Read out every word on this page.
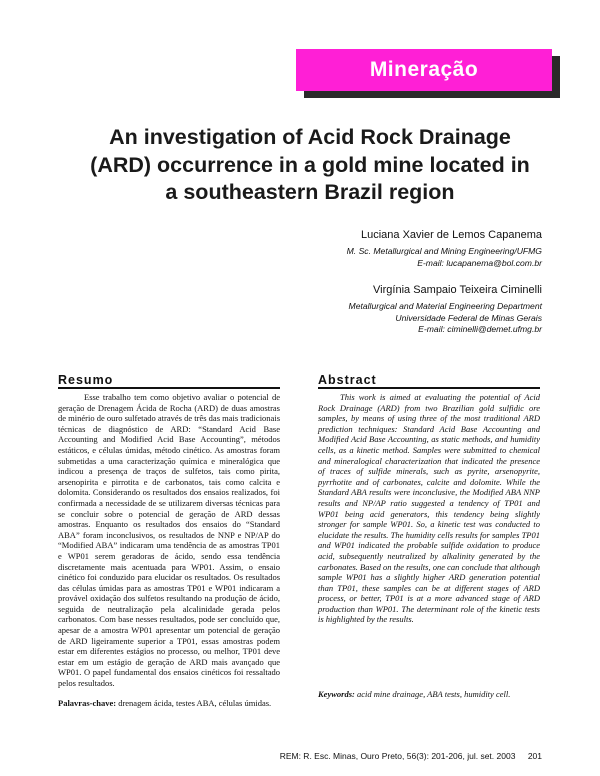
Mineração
An investigation of Acid Rock Drainage
(ARD) occurrence in a gold mine located in
a southeastern Brazil region
Luciana Xavier de Lemos Capanema
M. Sc. Metallurgical and Mining Engineering/UFMG
E-mail: lucapanema@bol.com.br
Virgínia Sampaio Teixeira Ciminelli
Metallurgical and Material Engineering Department
Universidade Federal de Minas Gerais
E-mail: ciminelli@demet.ufmg.br
Resumo	Abstract

Esse trabalho tem como objetivo avaliar o potencial de geração de Drenagem Ácida de Rocha (ARD) de duas amostras de minério de ouro sulfetado através de três das mais tradicionais técnicas de diagnóstico de ARD: “Standard Acid Base Accounting and Modified Acid Base Accounting”, métodos estáticos, e células úmidas, método cinético. As amostras foram submetidas a uma caracterização química e mineralógica que indicou a presença de traços de sulfetos, tais como pirita, arsenopirita e pirrotita e de carbonatos, tais como calcita e dolomita. Considerando os resultados dos ensaios realizados, foi confirmada a necessidade de se utilizarem diversas técnicas para se concluir sobre o potencial de geração de ARD dessas amostras. Enquanto os resultados dos ensaios do “Standard ABA” foram inconclusivos, os resultados de NNP e NP/AP do “Modified ABA” indicaram uma tendência de as amostras TP01 e WP01 serem geradoras de ácido, sendo essa tendência discretamente mais acentuada para WP01. Assim, o ensaio cinético foi conduzido para elucidar os resultados. Os resultados das células úmidas para as amostras TP01 e WP01 indicaram a provável oxidação dos sulfetos resultando na produção de ácido, seguida de neutralização pela alcalinidade gerada pelos carbonatos. Com base nesses resultados, pode ser concluído que, apesar de a amostra WP01 apresentar um potencial de geração de ARD ligeiramente superior a TP01, essas amostras podem estar em diferentes estágios no processo, ou melhor, TP01 deve estar em um estágio de geração de ARD mais avançado que WP01. O papel fundamental dos ensaios cinéticos foi ressaltado pelos resultados.

This work is aimed at evaluating the potential of Acid Rock Drainage (ARD) from two Brazilian gold sulfidic ore samples, by means of using three of the most traditional ARD prediction techniques: Standard Acid Base Accounting and Modified Acid Base Accounting, as static methods, and humidity cells, as a kinetic method. Samples were submitted to chemical and mineralogical characterization that indicated the presence of traces of sulfide minerals, such as pyrite, arsenopyrite, pyrrhotite and of carbonates, calcite and dolomite. While the Standard ABA results were inconclusive, the Modified ABA NNP results and NP/AP ratio suggested a tendency of TP01 and WP01 being acid generators, this tendency being slightly stronger for sample WP01. So, a kinetic test was conducted to elucidate the results. The humidity cells results for samples TP01 and WP01 indicated the probable sulfide oxidation to produce acid, subsequently neutralized by alkalinity generated by the carbonates. Based on the results, one can conclude that although sample WP01 has a slightly higher ARD generation potential than TP01, these samples can be at different stages of ARD process, or better, TP01 is at a more advanced stage of ARD production than WP01. The determinant role of the kinetic tests is highlighted by the results.

Palavras-chave: drenagem ácida, testes ABA, células úmidas.
Keywords: acid mine drainage, ABA tests, humidity cell.
REM: R. Esc. Minas, Ouro Preto, 56(3): 201-206, jul. set. 2003 201
